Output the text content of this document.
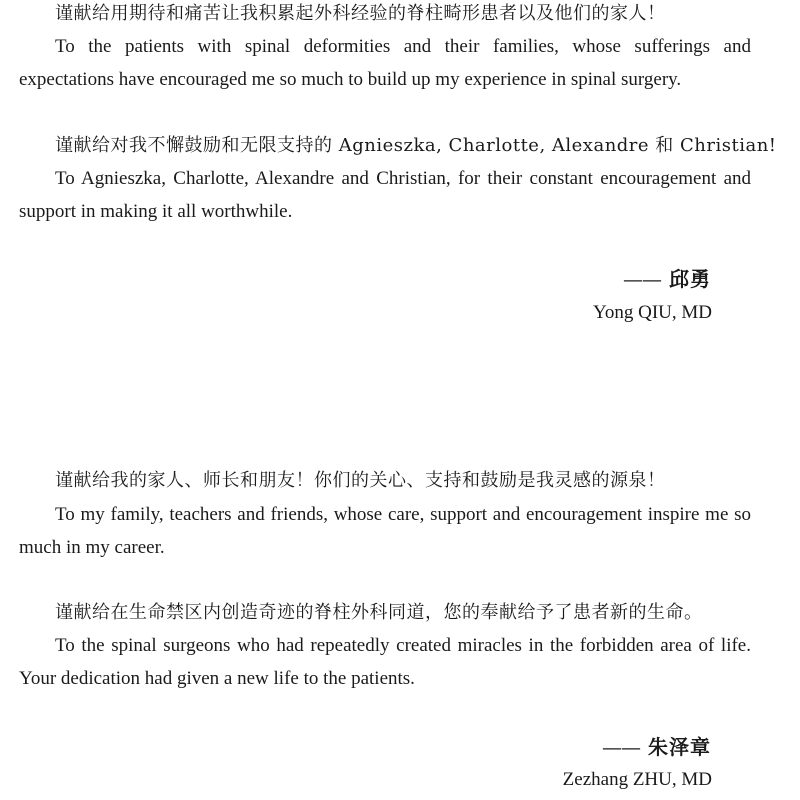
谨献给用期待和痛苦让我积累起外科经验的脊柱畸形患者以及他们的家人！

To the patients with spinal deformities and their families, whose sufferings and expectations have encouraged me so much to build up my experience in spinal surgery.

谨献给对我不懈鼓励和无限支持的 Agnieszka, Charlotte, Alexandre 和 Christian!

To Agnieszka, Charlotte, Alexandre and Christian, for their constant encouragement and support in making it all worthwhile.

—— 邱勇

Yong QIU, MD

谨献给我的家人、师长和朋友！你们的关心、支持和鼓励是我灵感的源泉！

To my family, teachers and friends, whose care, support and encouragement inspire me so much in my career.

谨献给在生命禁区内创造奇迹的脊柱外科同道，您的奉献给予了患者新的生命。

To the spinal surgeons who had repeatedly created miracles in the forbidden area of life. Your dedication had given a new life to the patients.

—— 朱泽章

Zezhang ZHU, MD
